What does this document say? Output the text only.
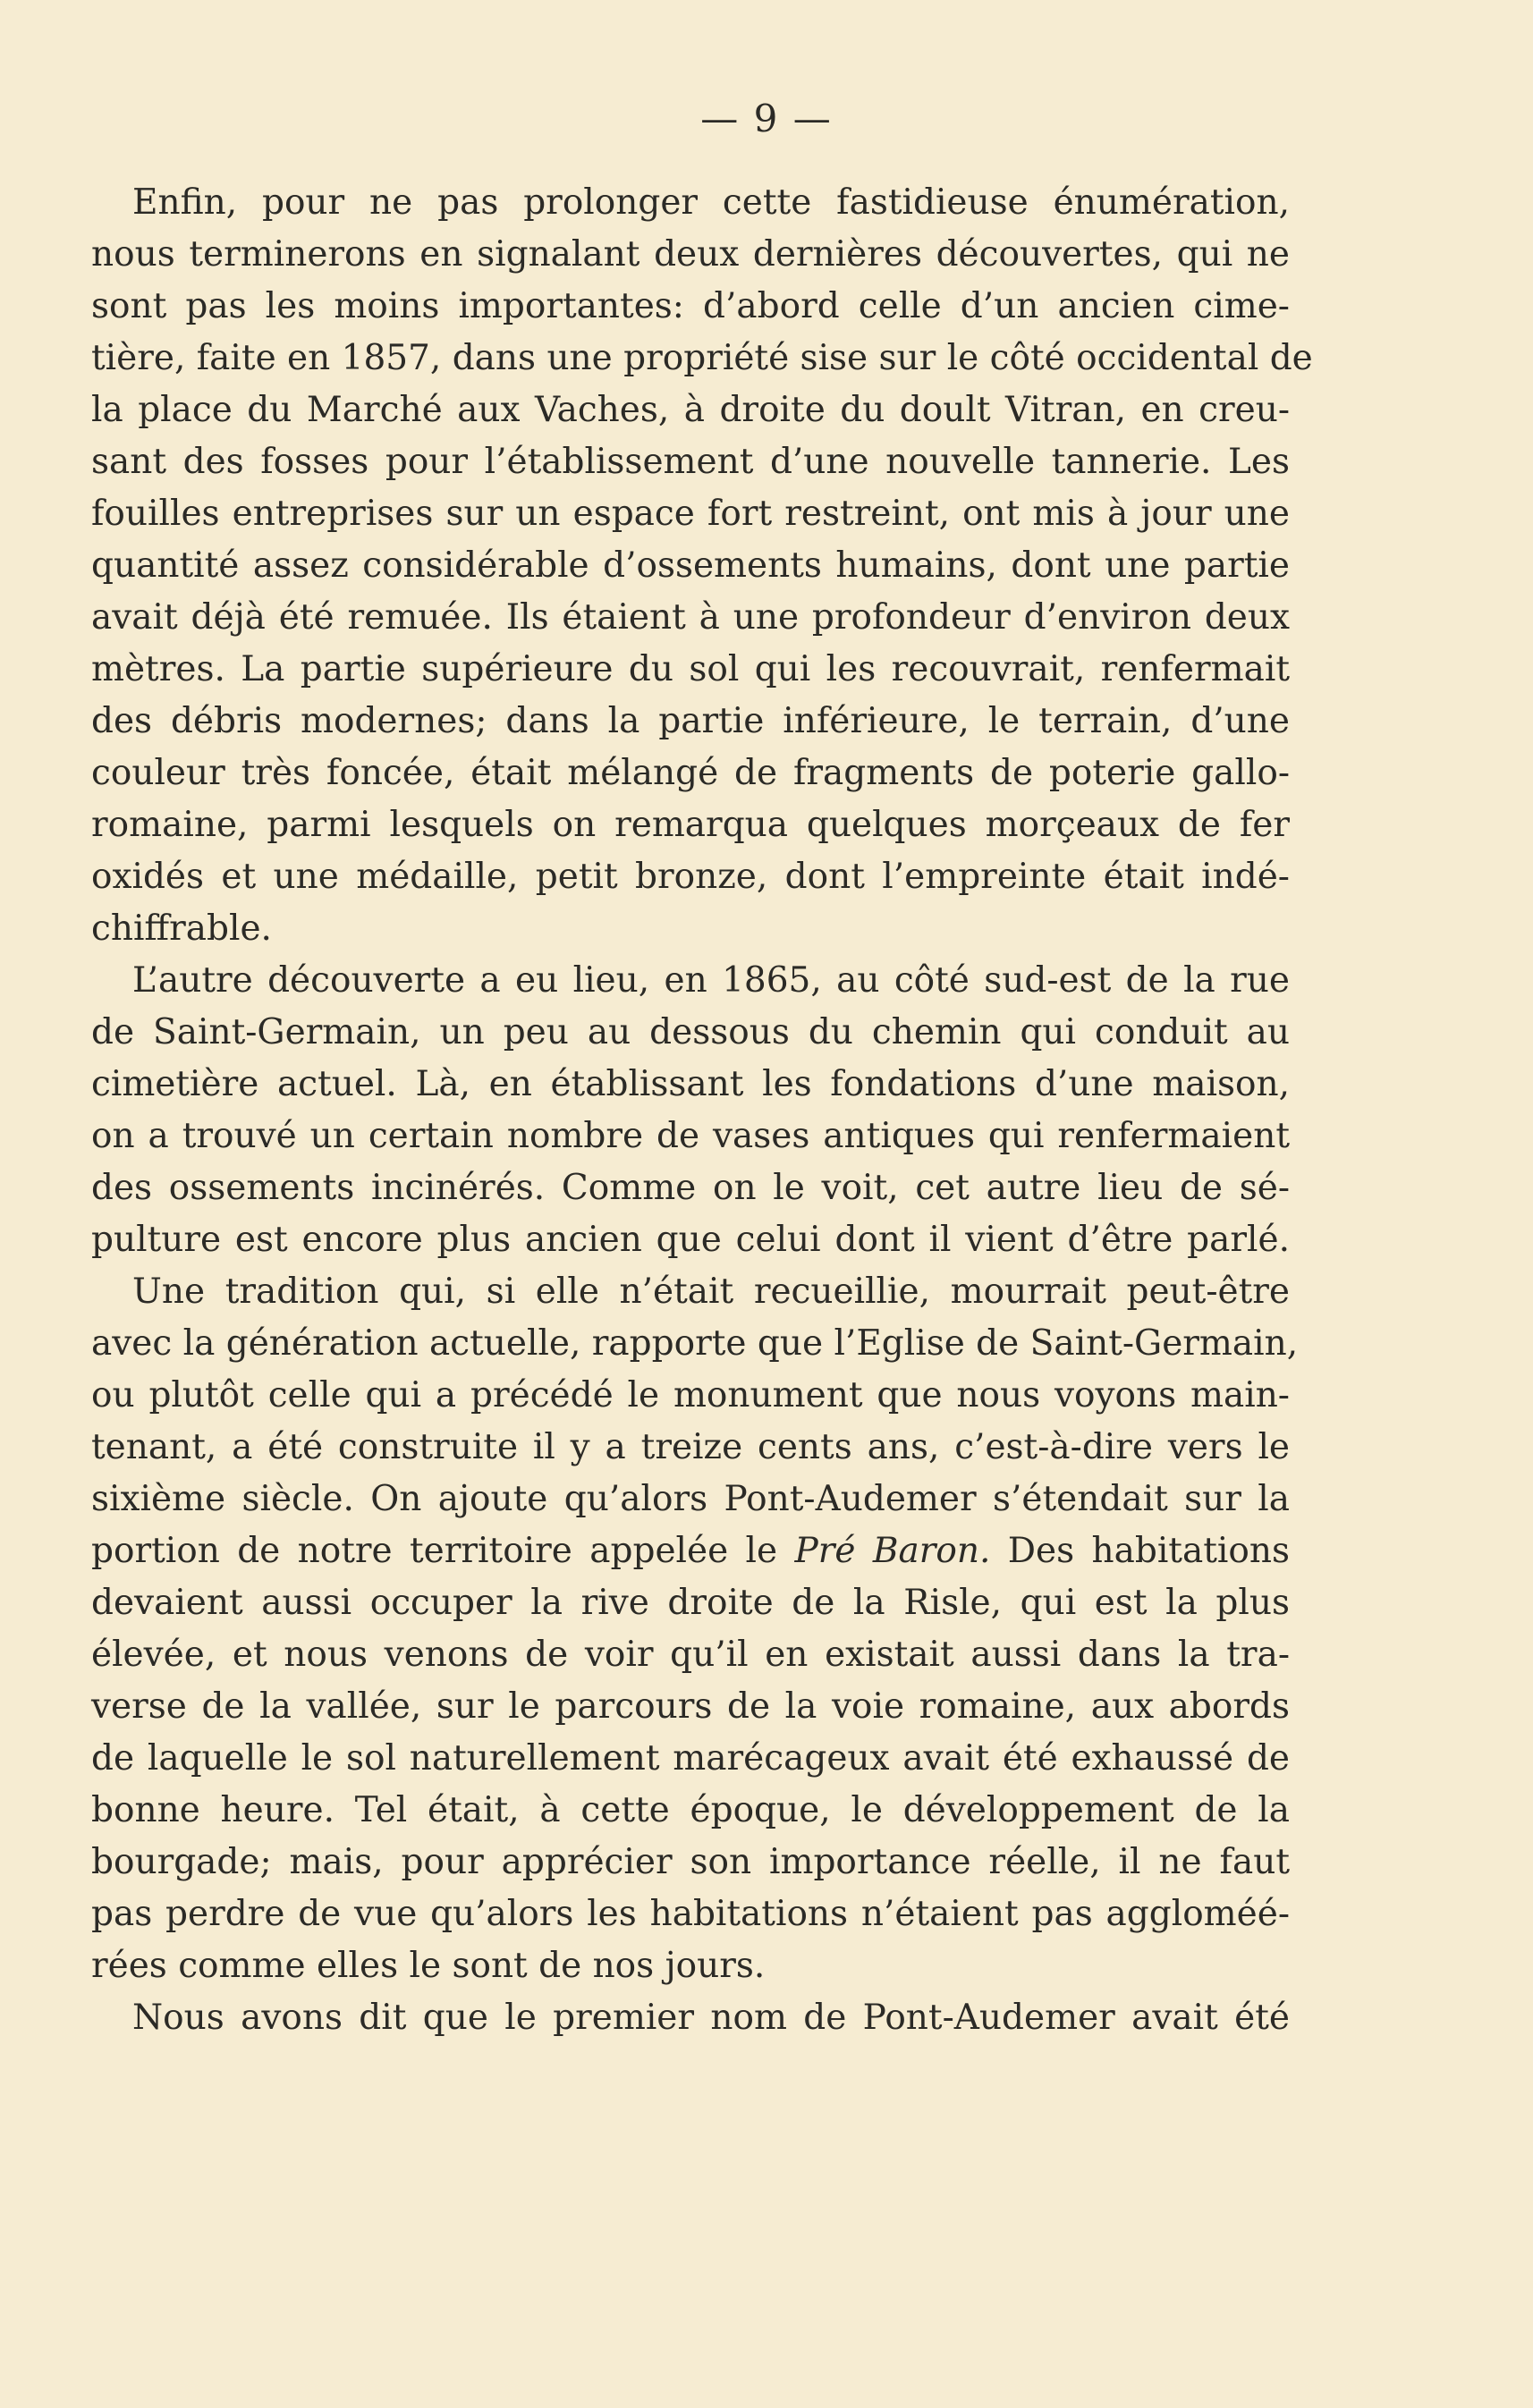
— 9 —
Enfin, pour ne pas prolonger cette fastidieuse énumération,
nous terminerons en signalant deux dernières découvertes, qui ne
sont pas les moins importantes: d’abord celle d’un ancien cime-
tière, faite en 1857, dans une propriété sise sur le côté occidental de
la place du Marché aux Vaches, à droite du doult Vitran, en creu-
sant des fosses pour l’établissement d’une nouvelle tannerie. Les
fouilles entreprises sur un espace fort restreint, ont mis à jour une
quantité assez considérable d’ossements humains, dont une partie
avait déjà été remuée. Ils étaient à une profondeur d’environ deux
mètres. La partie supérieure du sol qui les recouvrait, renfermait
des débris modernes; dans la partie inférieure, le terrain, d’une
couleur très foncée, était mélangé de fragments de poterie gallo-
romaine, parmi lesquels on remarqua quelques morçeaux de fer
oxidés et une médaille, petit bronze, dont l’empreinte était indé-
chiffrable.
L’autre découverte a eu lieu, en 1865, au côté sud-est de la rue
de Saint-Germain, un peu au dessous du chemin qui conduit au
cimetière actuel. Là, en établissant les fondations d’une maison,
on a trouvé un certain nombre de vases antiques qui renfermaient
des ossements incinérés. Comme on le voit, cet autre lieu de sé-
pulture est encore plus ancien que celui dont il vient d’être parlé.
Une tradition qui, si elle n’était recueillie, mourrait peut-être
avec la génération actuelle, rapporte que l’Eglise de Saint-Germain,
ou plutôt celle qui a précédé le monument que nous voyons main-
tenant, a été construite il y a treize cents ans, c’est-à-dire vers le
sixième siècle. On ajoute qu’alors Pont-Audemer s’étendait sur la
portion de notre territoire appelée le Pré Baron. Des habitations
devaient aussi occuper la rive droite de la Risle, qui est la plus
élevée, et nous venons de voir qu’il en existait aussi dans la tra-
verse de la vallée, sur le parcours de la voie romaine, aux abords
de laquelle le sol naturellement marécageux avait été exhaussé de
bonne heure. Tel était, à cette époque, le développement de la
bourgade; mais, pour apprécier son importance réelle, il ne faut
pas perdre de vue qu’alors les habitations n’étaient pas aggloméé-
rées comme elles le sont de nos jours.
Nous avons dit que le premier nom de Pont-Audemer avait été
